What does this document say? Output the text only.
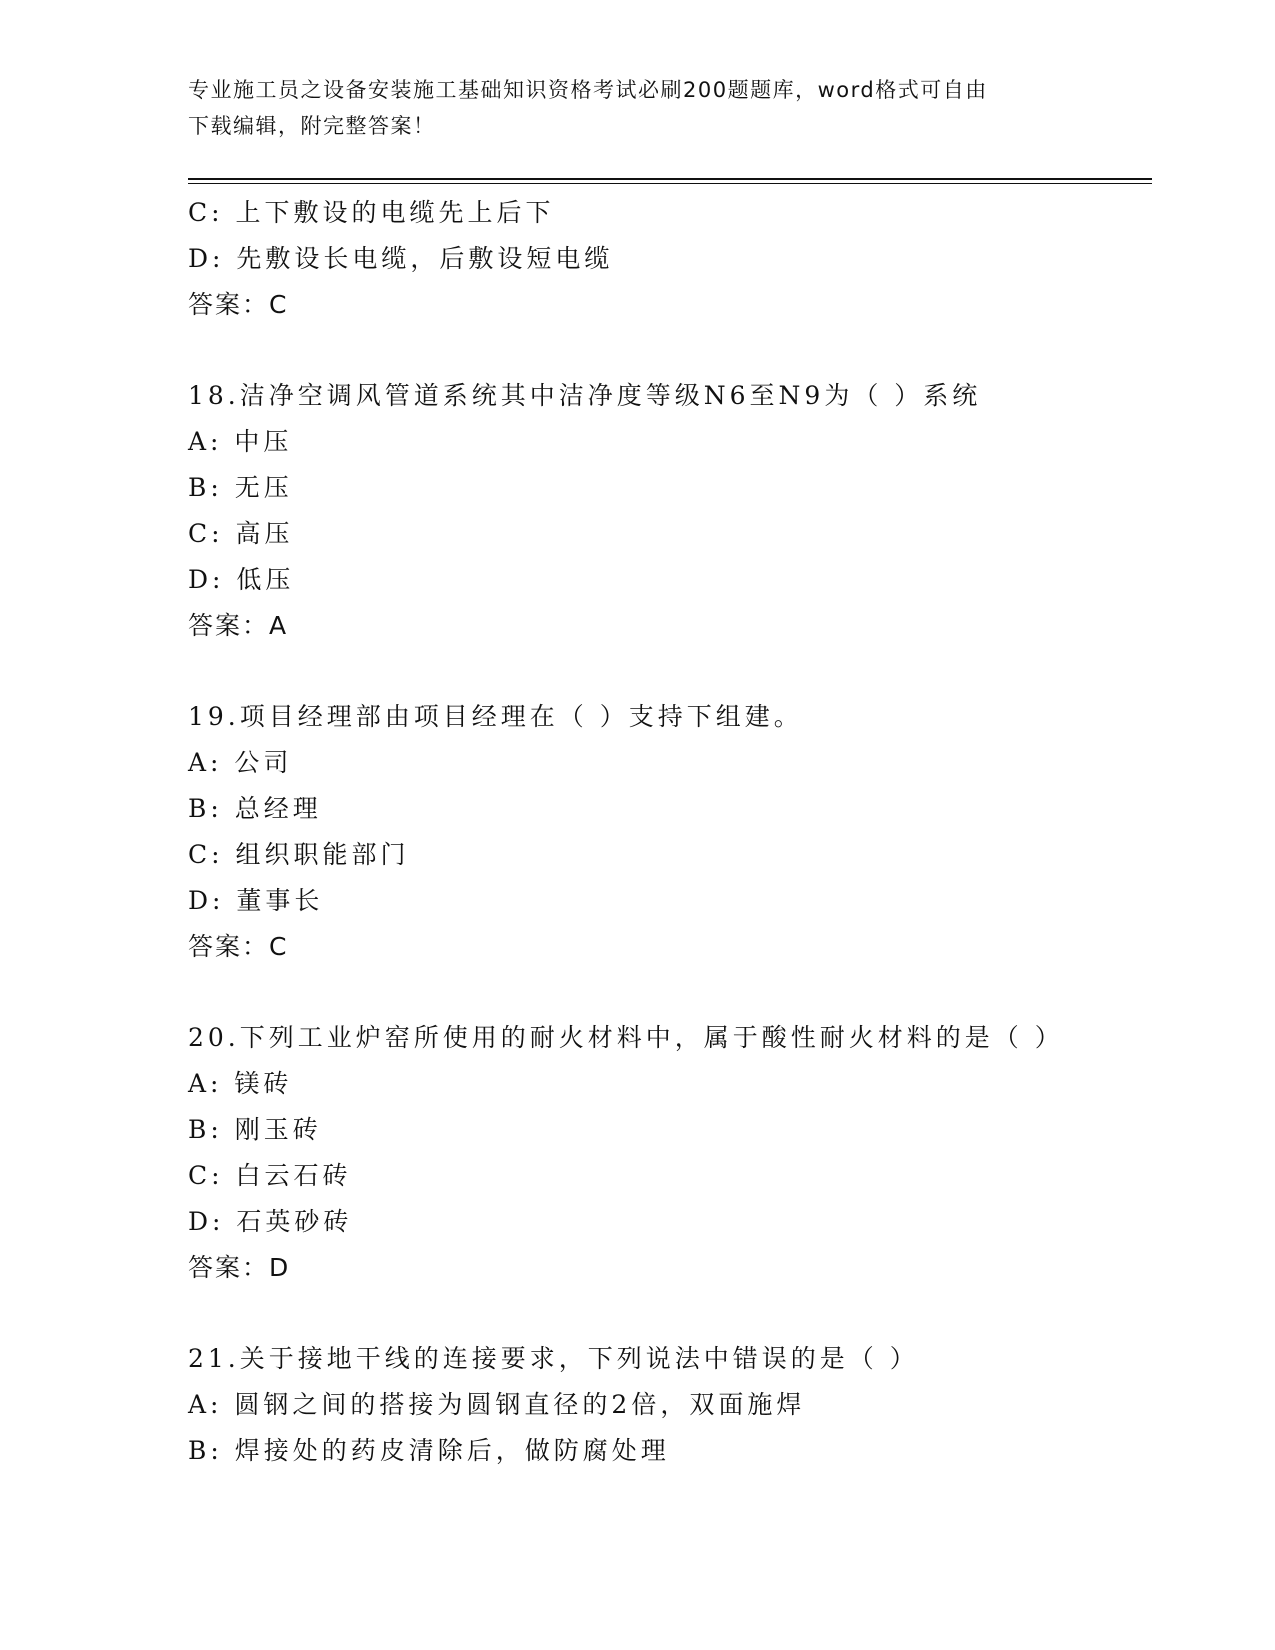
专业施工员之设备安装施工基础知识资格考试必刷200题题库，word格式可自由
下载编辑，附完整答案！
C: 上下敷设的电缆先上后下
D: 先敷设长电缆，后敷设短电缆
答案：C
18.洁净空调风管道系统其中洁净度等级N6至N9为（ ）系统
A: 中压
B: 无压
C: 高压
D: 低压
答案：A
19.项目经理部由项目经理在（ ）支持下组建。
A: 公司
B: 总经理
C: 组织职能部门
D: 董事长
答案：C
20.下列工业炉窑所使用的耐火材料中，属于酸性耐火材料的是（ ）
A: 镁砖
B: 刚玉砖
C: 白云石砖
D: 石英砂砖
答案：D
21.关于接地干线的连接要求，下列说法中错误的是（ ）
A: 圆钢之间的搭接为圆钢直径的2倍，双面施焊
B: 焊接处的药皮清除后，做防腐处理
